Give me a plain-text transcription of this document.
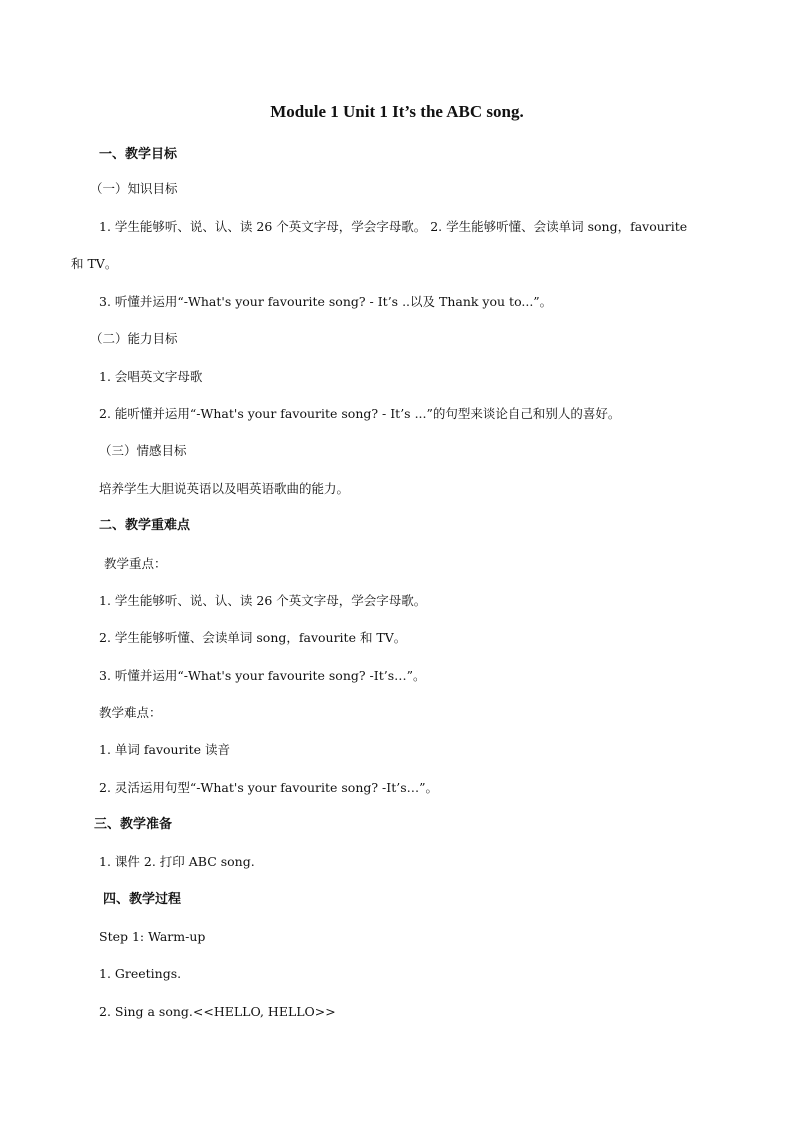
Module 1 Unit 1 It’s the ABC song.

一、教学目标

（一）知识目标

1. 学生能够听、说、认、读 26 个英文字母，学会字母歌。 2. 学生能够听懂、会读单词 song，favourite

和 TV。

3. 听懂并运用“-What's your favourite song? - It’s ..以及 Thank you to...”。

（二）能力目标

1. 会唱英文字母歌

2. 能听懂并运用“-What's your favourite song? - It’s ...”的句型来谈论自己和别人的喜好。

（三）情感目标

培养学生大胆说英语以及唱英语歌曲的能力。

二、教学重难点

教学重点：

1. 学生能够听、说、认、读 26 个英文字母，学会字母歌。

2. 学生能够听懂、会读单词 song，favourite 和 TV。

3. 听懂并运用“-What's your favourite song? -It’s…”。

教学难点：

1. 单词 favourite 读音

2. 灵活运用句型“-What's your favourite song? -It’s…”。

三、教学准备

1. 课件 2. 打印 ABC song.

四、教学过程

Step 1: Warm-up

1. Greetings.

2. Sing a song.<<HELLO, HELLO>>
